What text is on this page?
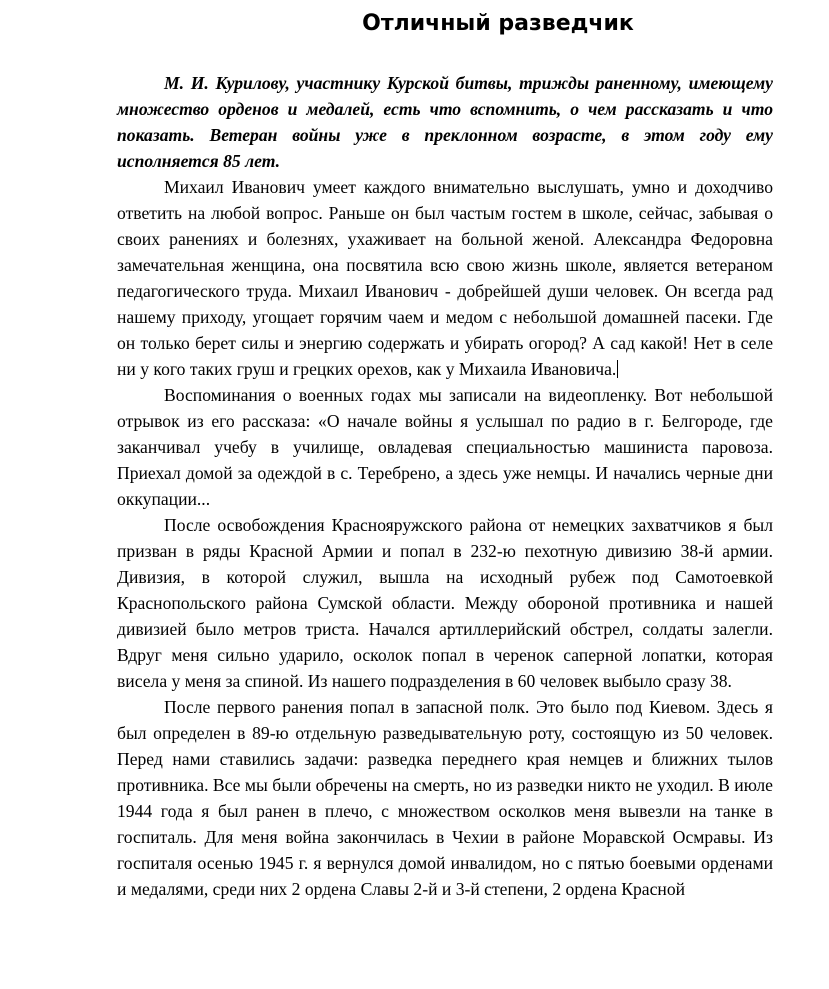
Отличный разведчик

М. И. Курилову, участнику Курской битвы, трижды раненному, имеющему множество орденов и медалей, есть что вспомнить, о чем рассказать и что показать. Ветеран войны уже в преклонном возрасте, в этом году ему исполняется 85 лет.

Михаил Иванович умеет каждого внимательно выслушать, умно и доходчиво ответить на любой вопрос. Раньше он был частым гостем в школе, сейчас, забывая о своих ранениях и болезнях, ухаживает на больной женой. Александра Федоровна замечательная женщина, она посвятила всю свою жизнь школе, является ветераном педагогического труда. Михаил Иванович - добрейшей души человек. Он всегда рад нашему приходу, угощает горячим чаем и медом с небольшой домашней пасеки. Где он только берет силы и энергию содержать и убирать огород? А сад какой! Нет в селе ни у кого таких груш и грецких орехов, как у Михаила Ивановича.

Воспоминания о военных годах мы записали на видеопленку. Вот небольшой отрывок из его рассказа: «О начале войны я услышал по радио в г. Белгороде, где заканчивал учебу в училище, овладевая специальностью машиниста паровоза. Приехал домой за одеждой в с. Теребрено, а здесь уже немцы. И начались черные дни оккупации...

После освобождения Краснояружского района от немецких захватчиков я был призван в ряды Красной Армии и попал в 232-ю пехотную дивизию 38-й армии. Дивизия, в которой служил, вышла на исходный рубеж под Самотоевкой Краснопольского района Сумской области. Между обороной противника и нашей дивизией было метров триста. Начался артиллерийский обстрел, солдаты залегли. Вдруг меня сильно ударило, осколок попал в черенок саперной лопатки, которая висела у меня за спиной. Из нашего подразделения в 60 человек выбыло сразу 38.

После первого ранения попал в запасной полк. Это было под Киевом. Здесь я был определен в 89-ю отдельную разведывательную роту, состоящую из 50 человек. Перед нами ставились задачи: разведка переднего края немцев и ближних тылов противника. Все мы были обречены на смерть, но из разведки никто не уходил. В июле 1944 года я был ранен в плечо, с множеством осколков меня вывезли на танке в госпиталь. Для меня война закончилась в Чехии в районе Моравской Осмравы. Из госпиталя осенью 1945 г. я вернулся домой инвалидом, но с пятью боевыми орденами и медалями, среди них 2 ордена Славы 2-й и 3-й степени, 2 ордена Красной
